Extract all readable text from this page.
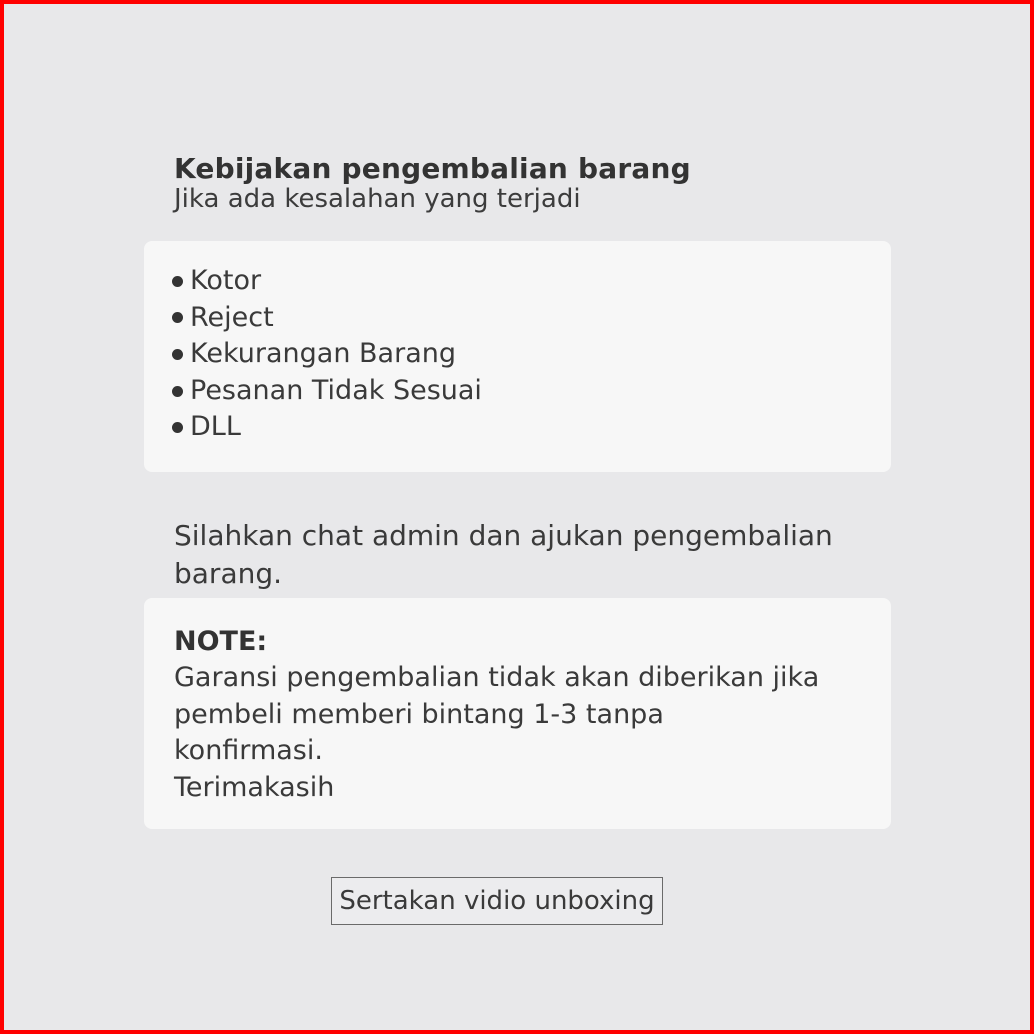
Kebijakan pengembalian barang

Jika ada kesalahan yang terjadi

Kotor
Reject
Kekurangan Barang
Pesanan Tidak Sesuai
DLL

Silahkan chat admin dan ajukan pengembalian barang.

NOTE:

Garansi pengembalian tidak akan diberikan jika

pembeli memberi bintang 1-3 tanpa

konfirmasi.

Terimakasih

Sertakan vidio unboxing
